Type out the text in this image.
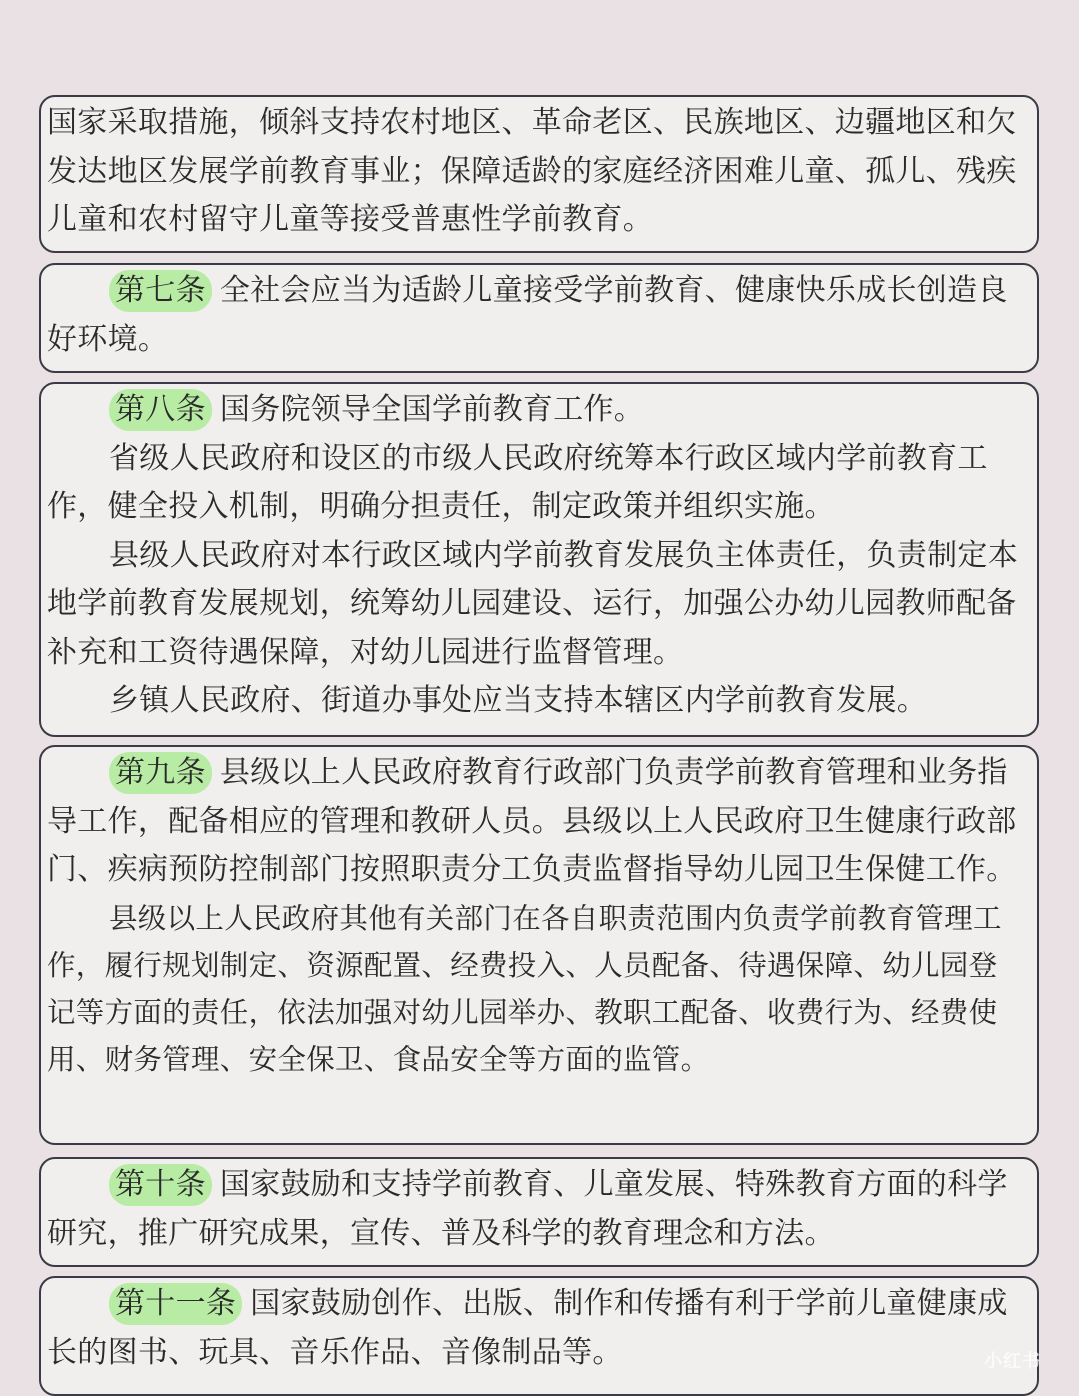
国家采取措施，倾斜支持农村地区、革命老区、民族地区、边疆地区和欠发达地区发展学前教育事业；保障适龄的家庭经济困难儿童、孤儿、残疾儿童和农村留守儿童等接受普惠性学前教育。

第七条 全社会应当为适龄儿童接受学前教育、健康快乐成长创造良好环境。

第八条 国务院领导全国学前教育工作。

省级人民政府和设区的市级人民政府统筹本行政区域内学前教育工作，健全投入机制，明确分担责任，制定政策并组织实施。

县级人民政府对本行政区域内学前教育发展负主体责任，负责制定本地学前教育发展规划，统筹幼儿园建设、运行，加强公办幼儿园教师配备补充和工资待遇保障，对幼儿园进行监督管理。

乡镇人民政府、街道办事处应当支持本辖区内学前教育发展。

第九条 县级以上人民政府教育行政部门负责学前教育管理和业务指导工作，配备相应的管理和教研人员。县级以上人民政府卫生健康行政部门、疾病预防控制部门按照职责分工负责监督指导幼儿园卫生保健工作。

县级以上人民政府其他有关部门在各自职责范围内负责学前教育管理工作，履行规划制定、资源配置、经费投入、人员配备、待遇保障、幼儿园登记等方面的责任，依法加强对幼儿园举办、教职工配备、收费行为、经费使用、财务管理、安全保卫、食品安全等方面的监管。

第十条 国家鼓励和支持学前教育、儿童发展、特殊教育方面的科学研究，推广研究成果，宣传、普及科学的教育理念和方法。

第十一条 国家鼓励创作、出版、制作和传播有利于学前儿童健康成长的图书、玩具、音乐作品、音像制品等。	小红书
